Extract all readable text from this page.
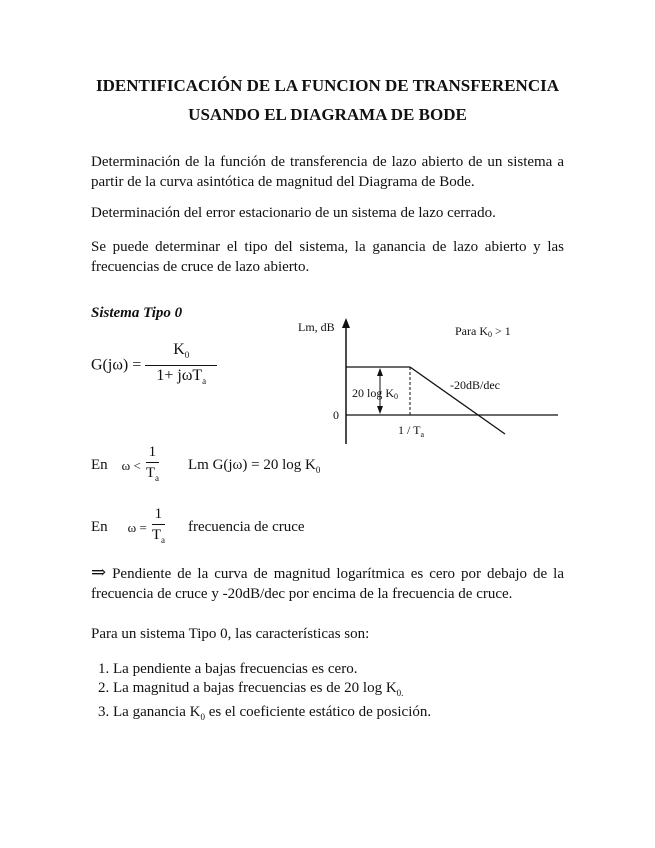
IDENTIFICACIÓN DE LA FUNCION DE TRANSFERENCIA
USANDO EL DIAGRAMA DE BODE
Determinación de la función de transferencia de lazo abierto de un sistema a partir de la curva asintótica de magnitud del Diagrama de Bode.
Determinación del error estacionario de un sistema de lazo cerrado.
Se puede determinar el tipo del sistema, la ganancia de lazo abierto y las frecuencias de cruce de lazo abierto.
Sistema Tipo 0
$G(j\omega) = \frac{K_0}{1+ j\omega T_a}$
Lm, dB	Para K0 > 1
-20dB/dec
20 log K0
0
$1 / T_a$
En $\omega < \frac{1}{T_a}$ Lm G(jω) = 20 $\log K_0$
En $\omega = \frac{1}{T_a}$ frecuencia de cruce
⇒ Pendiente de la curva de magnitud logarítmica es cero por debajo de la frecuencia de cruce y -20dB/dec por encima de la frecuencia de cruce.
Para un sistema Tipo 0, las características son:
1. La pendiente a bajas frecuencias es cero.
2. La magnitud a bajas frecuencias es de 20 $\log K_{0.}$
3. La ganancia $K_0$ es el coeficiente estático de posición.
